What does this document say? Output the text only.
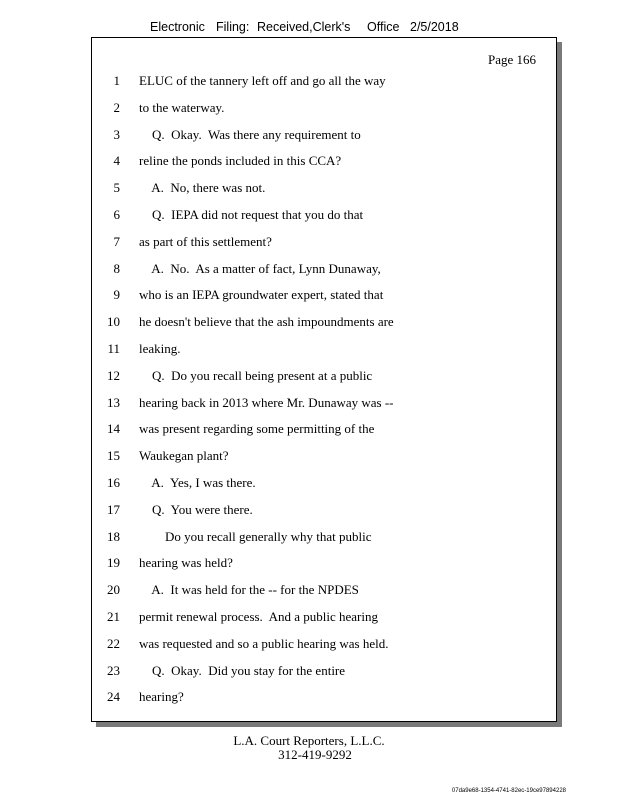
Electronic Filing: Received,Clerk's Office 2/5/2018
Page 166
1 ELUC of the tannery left off and go all the way
2 to the waterway.
3 Q.  Okay.  Was there any requirement to
4 reline the ponds included in this CCA?
5 A.  No, there was not.
6 Q.  IEPA did not request that you do that
7 as part of this settlement?
8 A.  No.  As a matter of fact, Lynn Dunaway,
9 who is an IEPA groundwater expert, stated that
10 he doesn't believe that the ash impoundments are
11 leaking.
12 Q.  Do you recall being present at a public
13 hearing back in 2013 where Mr. Dunaway was --
14 was present regarding some permitting of the
15 Waukegan plant?
16 A.  Yes, I was there.
17 Q.  You were there.
18 Do you recall generally why that public
19 hearing was held?
20 A.  It was held for the -- for the NPDES
21 permit renewal process.  And a public hearing
22 was requested and so a public hearing was held.
23 Q.  Okay.  Did you stay for the entire
24 hearing?
L.A. Court Reporters, L.L.C.
312-419-9292
07da9e68-1354-4741-82ec-19ce97894228
